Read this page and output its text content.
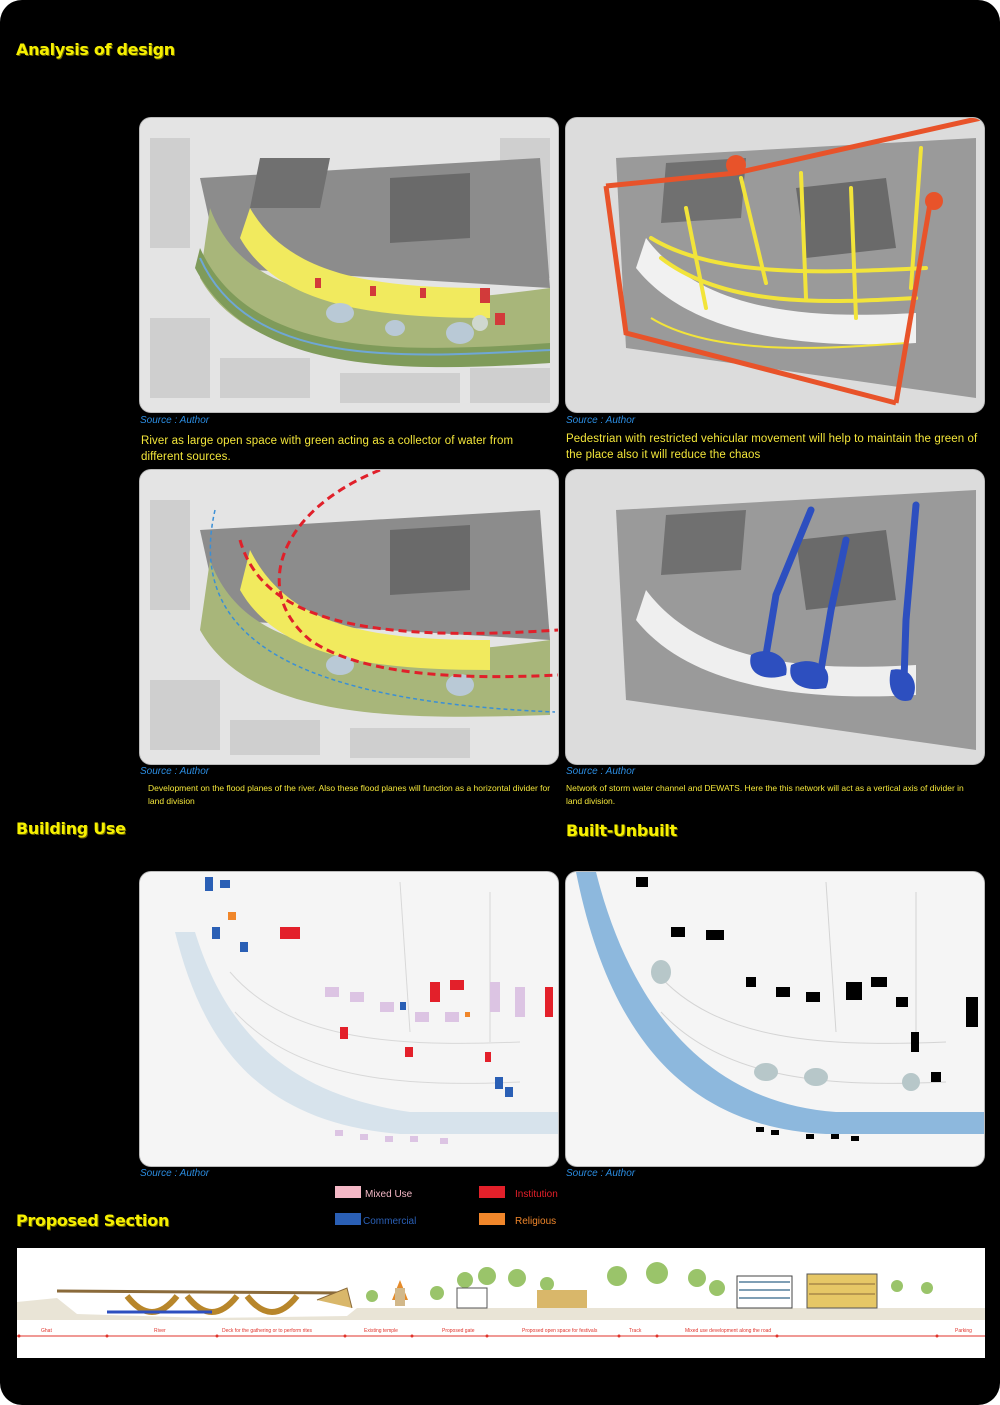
Analysis of design
Source : Author
River as large open space with green acting as a collector of water from different sources.
Source : Author
Pedestrian with restricted vehicular movement will help to maintain the green of the place also it will reduce the chaos
Source : Author
Development on the flood planes of the river. Also these flood planes will function as a horizontal divider for land division
Source : Author
Network of storm water channel and DEWATS. Here the this network will act as a vertical axis of divider in land division.
Building Use	Built-Unbuilt
Source : Author	Source : Author
Mixed Use	Institution
Commercial	Religious
Proposed Section
Ghat	River	Deck for the gathering or to perform rites	Existing temple	Proposed gate	Proposed open space for festivals	Track	Mixed use development along the road	Parking
